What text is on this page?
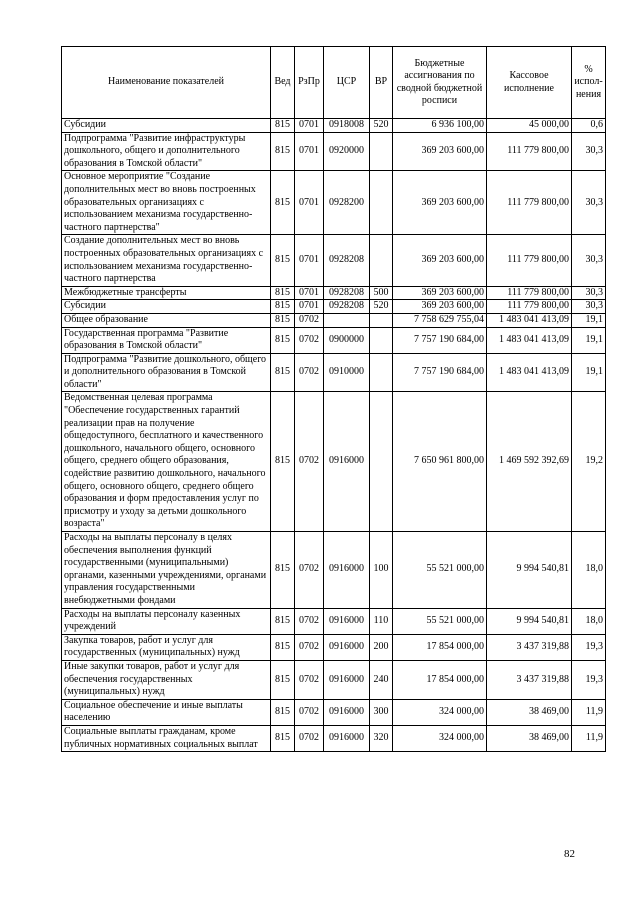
Наименование показателей	Вед	РзПр	ЦСР	ВР	Бюджетные ассигнования по сводной бюджетной росписи	Кассовое исполнение	% испол-нения
Субсидии	815	0701	0918008	520	6 936 100,00	45 000,00	0,6
Подпрограмма "Развитие инфраструктуры дошкольного, общего и дополнительного образования в Томской области"	815	0701	0920000		369 203 600,00	111 779 800,00	30,3
Основное мероприятие "Создание дополнительных мест во вновь построенных образовательных организациях с использованием механизма государственно-частного партнерства"	815	0701	0928200		369 203 600,00	111 779 800,00	30,3
Создание дополнительных мест во вновь построенных образовательных организациях с использованием механизма государственно-частного партнерства	815	0701	0928208		369 203 600,00	111 779 800,00	30,3
Межбюджетные трансферты	815	0701	0928208	500	369 203 600,00	111 779 800,00	30,3
Субсидии	815	0701	0928208	520	369 203 600,00	111 779 800,00	30,3
Общее образование	815	0702			7 758 629 755,04	1 483 041 413,09	19,1
Государственная программа "Развитие образования в Томской области"	815	0702	0900000		7 757 190 684,00	1 483 041 413,09	19,1
Подпрограмма "Развитие дошкольного, общего и дополнительного образования в Томской области"	815	0702	0910000		7 757 190 684,00	1 483 041 413,09	19,1
Ведомственная целевая программа "Обеспечение государственных гарантий реализации прав на получение общедоступного, бесплатного и качественного дошкольного, начального общего, основного общего, среднего общего образования, содействие развитию дошкольного, начального общего, основного общего, среднего общего образования и форм предоставления услуг по присмотру и уходу за детьми дошкольного возраста"	815	0702	0916000		7 650 961 800,00	1 469 592 392,69	19,2
Расходы на выплаты персоналу в целях обеспечения выполнения функций государственными (муниципальными) органами, казенными учреждениями, органами управления государственными внебюджетными фондами	815	0702	0916000	100	55 521 000,00	9 994 540,81	18,0
Расходы на выплаты персоналу казенных учреждений	815	0702	0916000	110	55 521 000,00	9 994 540,81	18,0
Закупка товаров, работ и услуг для государственных (муниципальных) нужд	815	0702	0916000	200	17 854 000,00	3 437 319,88	19,3
Иные закупки товаров, работ и услуг для обеспечения государственных (муниципальных) нужд	815	0702	0916000	240	17 854 000,00	3 437 319,88	19,3
Социальное обеспечение и иные выплаты населению	815	0702	0916000	300	324 000,00	38 469,00	11,9
Социальные выплаты гражданам, кроме публичных нормативных социальных выплат	815	0702	0916000	320	324 000,00	38 469,00	11,9
82
